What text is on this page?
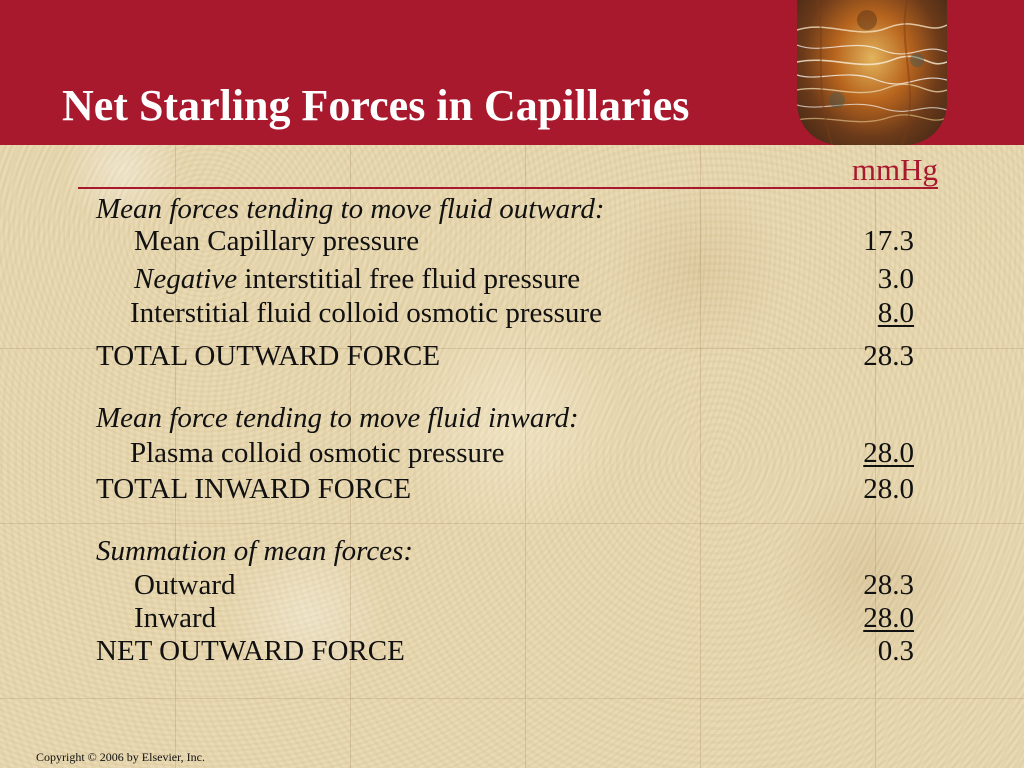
Net Starling Forces in Capillaries
mmHg
Mean forces tending to move fluid outward:
Mean Capillary pressure	17.3
Negative interstitial free fluid pressure	3.0
Interstitial fluid colloid osmotic pressure	8.0
TOTAL OUTWARD FORCE	28.3
Mean force tending to move fluid inward:
Plasma colloid osmotic pressure	28.0
TOTAL INWARD FORCE	28.0
Summation of mean forces:
Outward	28.3
Inward	28.0
NET OUTWARD FORCE	0.3
Copyright © 2006 by Elsevier, Inc.
